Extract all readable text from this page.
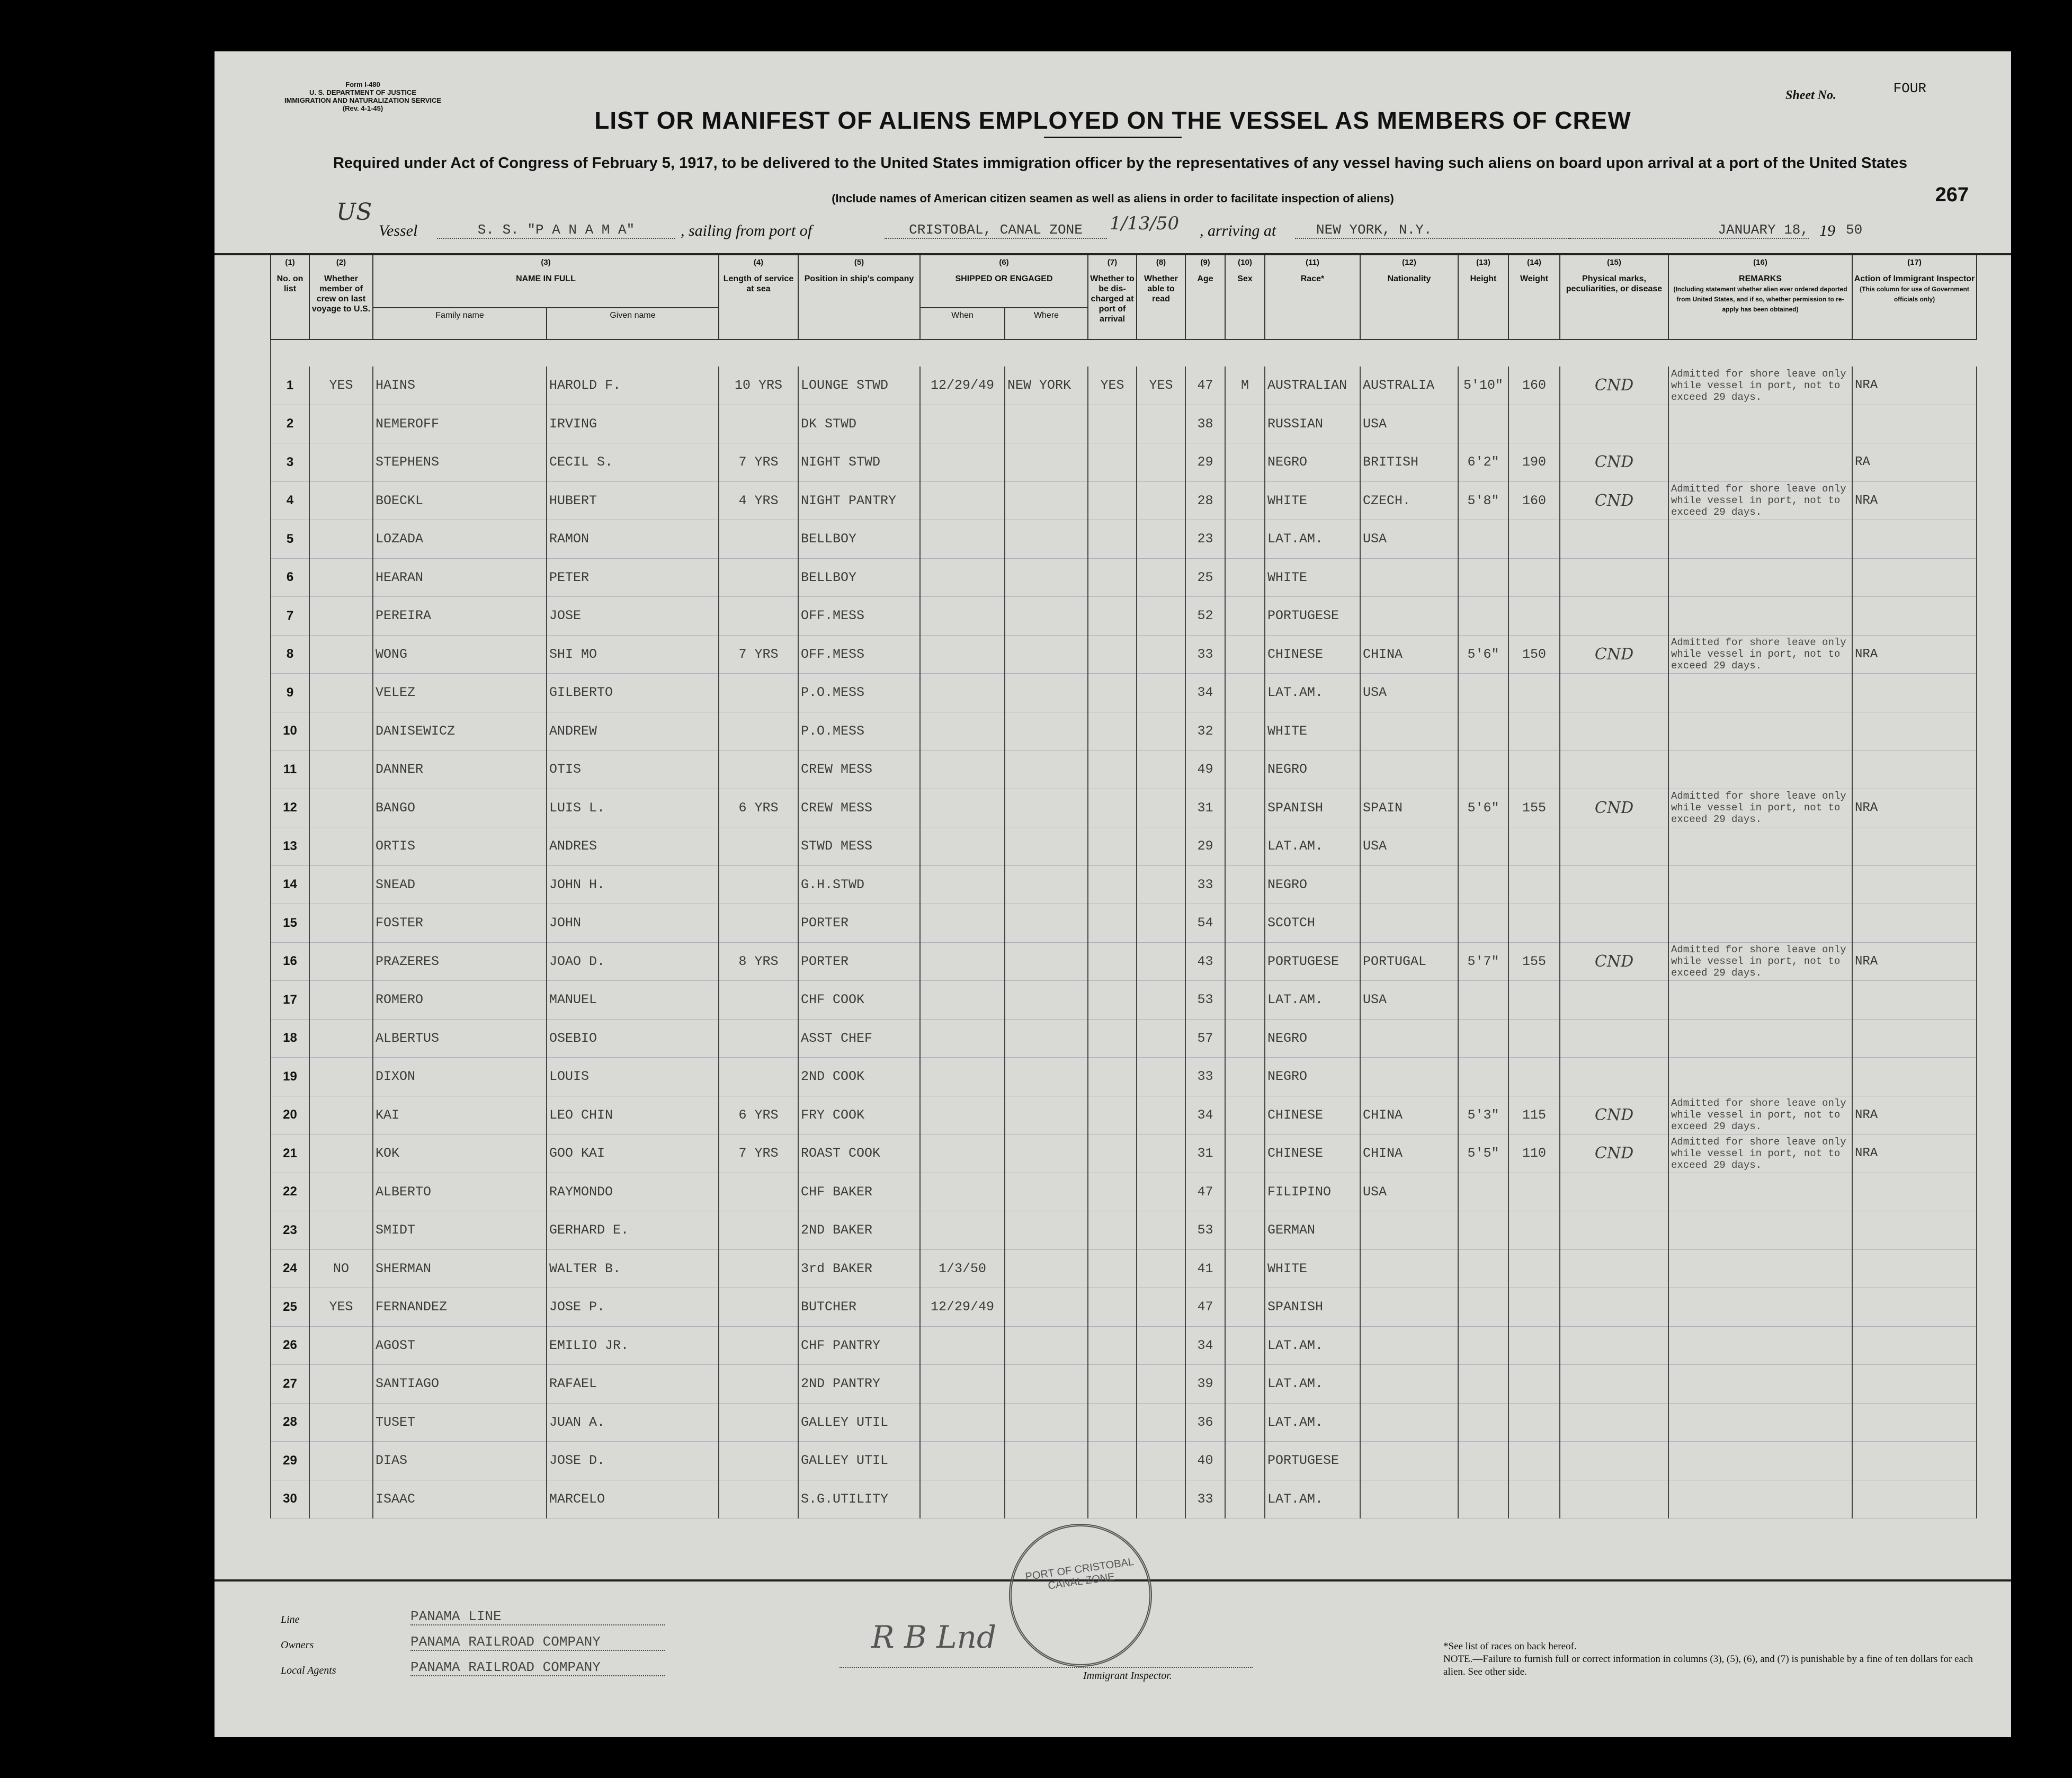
Form I-480
U. S. DEPARTMENT OF JUSTICE
IMMIGRATION AND NATURALIZATION SERVICE
(Rev. 4-1-45)
Sheet No.	FOUR
LIST OR MANIFEST OF ALIENS EMPLOYED ON THE VESSEL AS MEMBERS OF CREW
Required under Act of Congress of February 5, 1917, to be delivered to the United States immigration officer by the representatives of any vessel having such aliens on board upon arrival at a port of the United States
(Include names of American citizen seamen as well as aliens in order to facilitate inspection of aliens)	267
US
Vessel	S. S. "P A N A M A"	, sailing from port of	CRISTOBAL, CANAL ZONE	1/13/50 , arriving at	NEW YORK, N.Y.	JANUARY 18, 19 50
(1)
No. on list	(2)
Whether member of crew on last voyage to U.S.	(3)
NAME IN FULL		(4)
Length of service at sea	(5)
Position in ship's company	(6)
SHIPPED OR ENGAGED		(7)
Whether to be dis-charged at port of arrival	(8)
Whether able to read	(9)
Age	(10)
Sex	(11)
Race*	(12)
Nationality	(13)
Height	(14)
Weight	(15)
Physical marks, peculiarities, or disease	(16)
REMARKS
(Including statement whether alien ever ordered deported from United States, and if so, whether permission to re-apply has been obtained)	(17)
Action of Immigrant Inspector
(This column for use of Government officials only)
		Family name	Given name			When	Where											

1	YES	HAINS	HAROLD F.	10 YRS	LOUNGE STWD	12/29/49	NEW YORK	YES	YES	47	M	AUSTRALIAN	AUSTRALIA	5'10"	160	CND	Admitted for shore leave only while vessel in port, not to exceed 29 days.	NRA
2		NEMEROFF	IRVING		DK STWD					38		RUSSIAN	USA					
3		STEPHENS	CECIL S.	7 YRS	NIGHT STWD					29		NEGRO	BRITISH	6'2"	190	CND		RA
4		BOECKL	HUBERT	4 YRS	NIGHT PANTRY					28		WHITE	CZECH.	5'8"	160	CND	Admitted for shore leave only while vessel in port, not to exceed 29 days.	NRA
5		LOZADA	RAMON		BELLBOY					23		LAT.AM.	USA					
6		HEARAN	PETER		BELLBOY					25		WHITE						
7		PEREIRA	JOSE		OFF.MESS					52		PORTUGESE						
8		WONG	SHI MO	7 YRS	OFF.MESS					33		CHINESE	CHINA	5'6"	150	CND	Admitted for shore leave only while vessel in port, not to exceed 29 days.	NRA
9		VELEZ	GILBERTO		P.O.MESS					34		LAT.AM.	USA					
10		DANISEWICZ	ANDREW		P.O.MESS					32		WHITE						
11		DANNER	OTIS		CREW MESS					49		NEGRO						
12		BANGO	LUIS L.	6 YRS	CREW MESS					31		SPANISH	SPAIN	5'6"	155	CND	Admitted for shore leave only while vessel in port, not to exceed 29 days.	NRA
13		ORTIS	ANDRES		STWD MESS					29		LAT.AM.	USA					
14		SNEAD	JOHN H.		G.H.STWD					33		NEGRO						
15		FOSTER	JOHN		PORTER					54		SCOTCH						
16		PRAZERES	JOAO D.	8 YRS	PORTER					43		PORTUGESE	PORTUGAL	5'7"	155	CND	Admitted for shore leave only while vessel in port, not to exceed 29 days.	NRA
17		ROMERO	MANUEL		CHF COOK					53		LAT.AM.	USA					
18		ALBERTUS	OSEBIO		ASST CHEF					57		NEGRO						
19		DIXON	LOUIS		2ND COOK					33		NEGRO						
20		KAI	LEO CHIN	6 YRS	FRY COOK					34		CHINESE	CHINA	5'3"	115	CND	Admitted for shore leave only while vessel in port, not to exceed 29 days.	NRA
21		KOK	GOO KAI	7 YRS	ROAST COOK					31		CHINESE	CHINA	5'5"	110	CND	Admitted for shore leave only while vessel in port, not to exceed 29 days.	NRA
22		ALBERTO	RAYMONDO		CHF BAKER					47		FILIPINO	USA					
23		SMIDT	GERHARD E.		2ND BAKER					53		GERMAN						
24	NO	SHERMAN	WALTER B.		3rd BAKER	1/3/50				41		WHITE						
25	YES	FERNANDEZ	JOSE P.		BUTCHER	12/29/49				47		SPANISH						
26		AGOST	EMILIO JR.		CHF PANTRY					34		LAT.AM.						
27		SANTIAGO	RAFAEL		2ND PANTRY					39		LAT.AM.						
28		TUSET	JUAN A.		GALLEY UTIL					36		LAT.AM.						
29		DIAS	JOSE D.		GALLEY UTIL					40		PORTUGESE						
30		ISAAC	MARCELO		S.G.UTILITY					33		LAT.AM.						
Line	PANAMA LINE
Owners	PANAMA RAILROAD COMPANY
Local Agents	PANAMA RAILROAD COMPANY
R B Lnd
Immigrant Inspector.
PORT OF CRISTOBAL CANAL ZONE
*See list of races on back hereof.
NOTE.—Failure to furnish full or correct information in columns (3), (5), (6), and (7) is punishable by a fine of ten dollars for each alien. See other side.
